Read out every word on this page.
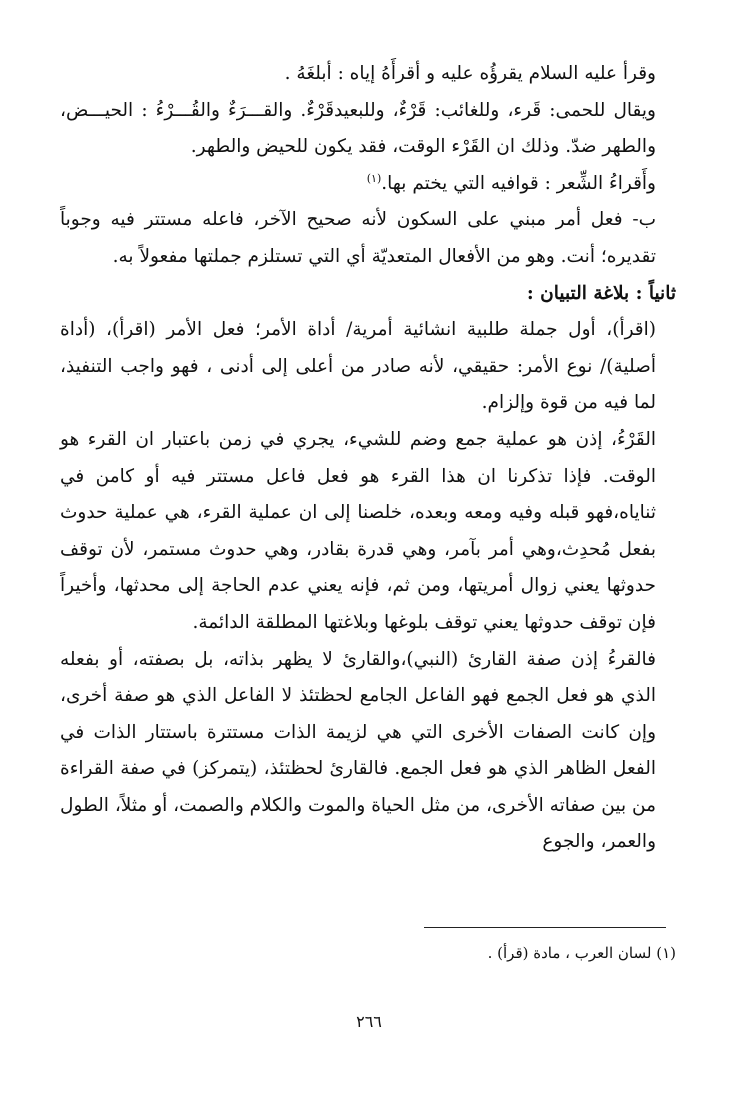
وقرأ عليه السلام يقرؤُه عليه و أقرأَهُ إياه : أبلغَهُ .

ويقال للحمى: قَرء، وللغائب: قَرْءٌ، وللبعيدقَرْءٌ. والقـــرَءٌ والقُـــرْءُ : الحيـــض، والطهر ضدّ. وذلك ان القَرْء الوقت، فقد يكون للحيض والطهر.

وأَقراءُ الشِّعر : قوافيه التي يختم بها.$^{(١)}$

ب- فعل أمر مبني على السكون لأنه صحيح الآخر، فاعله مستتر فيه وجوباً تقديره؛ أنت. وهو من الأفعال المتعديّة أي التي تستلزم جملتها مفعولاً به.

ثانياً : بلاغة التبيان :

(اقرأ)، أول جملة طلبية انشائية أمرية/ أداة الأمر؛ فعل الأمر (اقرأ)، (أداة أصلية)/ نوع الأمر: حقيقي، لأنه صادر من أعلى إلى أدنى ، فهو واجب التنفيذ، لما فيه من قوة وإلزام.

القَرْءُ، إذن هو عملية جمع وضم للشيء، يجري في زمن باعتبار ان القرء هو الوقت. فإذا تذكرنا ان هذا القرء هو فعل فاعل مستتر فيه أو كامن في ثناياه،فهو قبله وفيه ومعه وبعده، خلصنا إلى ان عملية القرء، هي عملية حدوث بفعل مُحدِث،وهي أمر بآمر، وهي قدرة بقادر، وهي حدوث مستمر، لأن توقف حدوثها يعني زوال أمريتها، ومن ثم، فإنه يعني عدم الحاجة إلى محدثها، وأخيراً فإن توقف حدوثها يعني توقف بلوغها وبلاغتها المطلقة الدائمة.

فالقرءُ إذن صفة القارئ (النبي)،والقارئ لا يظهر بذاته، بل بصفته، أو بفعله الذي هو فعل الجمع فهو الفاعل الجامع لحظتئذ لا الفاعل الذي هو صفة أخرى، وإن كانت الصفات الأخرى التي هي لزيمة الذات مستترة باستتار الذات في الفعل الظاهر الذي هو فعل الجمع. فالقارئ لحظتئذ، (يتمركز) في صفة القراءة من بين صفاته الأخرى، من مثل الحياة والموت والكلام والصمت، أو مثلاً، الطول والعمر، والجوع

(١) لسان العرب ، مادة (قرأ) .
٢٦٦
